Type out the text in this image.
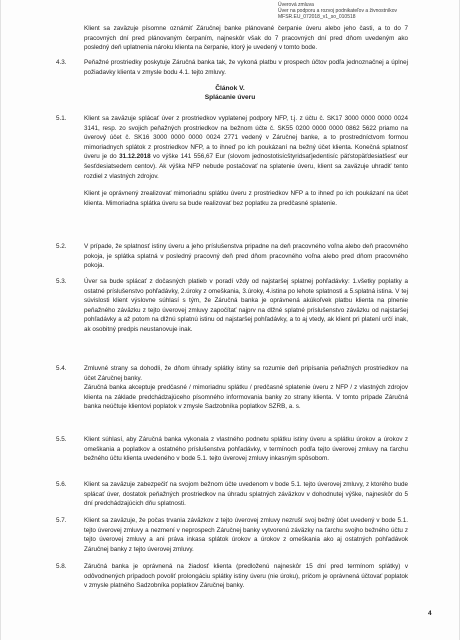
Úverová zmluva
Úver na podporu a rozvoj podnikateľov a živnostníkov
MFSR.EU_072018_v1_so_010518

Klient sa zaväzuje písomne oznámiť Záručnej banke plánované čerpanie úveru alebo jeho časti, a to do 7 pracovných dní pred plánovaným čerpaním, najneskôr však do 7 pracovných dní pred dňom uvedeným ako posledný deň uplatnenia nároku klienta na čerpanie, ktorý je uvedený v tomto bode.

4.3.	Peňažné prostriedky poskytuje Záručná banka tak, že vykoná platbu v prospech účtov podľa jednoznačnej a úplnej požiadavky klienta v zmysle bodu 4.1. tejto zmluvy.

Článok V.
Splácanie úveru
5.1.	Klient sa zaväzuje splácať úver z prostriedkov vyplatenej podpory NFP, t.j. z účtu č. SK17 3000 0000 0000 0024 3141, resp. zo svojich peňažných prostriedkov na bežnom účte č. SK55 0200 0000 0000 0862 5622 priamo na úverový účet č. SK16 3000 0000 0000 0024 2771 vedený v Záručnej banke, a to prostredníctvom formou mimoriadnych splátok z prostriedkov NFP, a to ihneď po ich poukázaní na bežný účet klienta. Konečná splatnosť úveru je do 31.12.2018 vo výške 141 556,67 Eur (slovom jednostotisícštyridsaťjedentisíc päťstopäťdesiatšesť eur šesťdesiatsedem centov). Ak výška NFP nebude postačovať na splatenie úveru, klient sa zaväzuje uhradiť tento rozdiel z vlastných zdrojov.

Klient je oprávnený zrealizovať mimoriadnu splátku úveru z prostriedkov NFP a to ihneď po ich poukázaní na účet klienta. Mimoriadna splátka úveru sa bude realizovať bez poplatku za predčasné splatenie.

5.2.	V prípade, že splatnosť istiny úveru a jeho príslušenstva pripadne na deň pracovného voľna alebo deň pracovného pokoja, je splátka splatná v posledný pracovný deň pred dňom pracovného voľna alebo pred dňom pracovného pokoja.

5.3.	Úver sa bude splácať z dočasných platieb v poradí vždy od najstaršej splatnej pohľadávky: 1.všetky poplatky a ostatné príslušenstvo pohľadávky, 2.úroky z omeškania, 3.úroky, 4.istina po lehote splatnosti a 5.splatná istina. V tej súvislosti klient výslovne súhlasí s tým, že Záručná banka je oprávnená akúkoľvek platbu klienta na plnenie peňažného záväzku z tejto úverovej zmluvy započítať najprv na dlžné splatné príslušenstvo záväzku od najstaršej pohľadávky a až potom na dlžnú splatnú istinu od najstaršej pohľadávky, a to aj vtedy, ak klient pri platení určí inak, ak osobitný predpis neustanovuje inak.

5.4.	Zmluvné strany sa dohodli, že dňom úhrady splátky istiny sa rozumie deň pripísania peňažných prostriedkov na účet Záručnej banky.

Záručná banka akceptuje predčasné / mimoriadnu splátku / predčasné splatenie úveru z NFP / z vlastných zdrojov klienta na základe predchádzajúceho písomného informovania banky zo strany klienta. V tomto prípade Záručná banka neúčtuje klientovi poplatok v zmysle Sadzobníka poplatkov SZRB, a. s.

5.5.	Klient súhlasí, aby Záručná banka vykonala z vlastného podnetu splátku istiny úveru a splátku úrokov a úrokov z omeškania a poplatkov a ostatného príslušenstva pohľadávky, v termínoch podľa tejto úverovej zmluvy na ťarchu bežného účtu klienta uvedeného v bode 5.1. tejto úverovej zmluvy inkasným spôsobom.

5.6.	Klient sa zaväzuje zabezpečiť na svojom bežnom účte uvedenom v bode 5.1. tejto úverovej zmluvy, z ktorého bude splácať úver, dostatok peňažných prostriedkov na úhradu splatných záväzkov v dohodnutej výške, najneskôr do 5 dní predchádzajúcich dňu splatnosti.

5.7.	Klient sa zaväzuje, že počas trvania záväzkov z tejto úverovej zmluvy nezruší svoj bežný účet uvedený v bode 5.1. tejto úverovej zmluvy a nezmení v neprospech Záručnej banky vytvorenú záväzky na ťarchu svojho bežného účtu z tejto úverovej zmluvy a ani práva inkasa splátok úrokov a úrokov z omeškania ako aj ostatných pohľadávok Záručnej banky z tejto úverovej zmluvy.

5.8.	Záručná banka je oprávnená na žiadosť klienta (predloženú najneskôr 15 dní pred termínom splátky) v odôvodnených prípadoch povoliť prolongáciu splátky istiny úveru (nie úroku), pričom je oprávnená účtovať poplatok v zmysle platného Sadzobníka poplatkov Záručnej banky.

4
